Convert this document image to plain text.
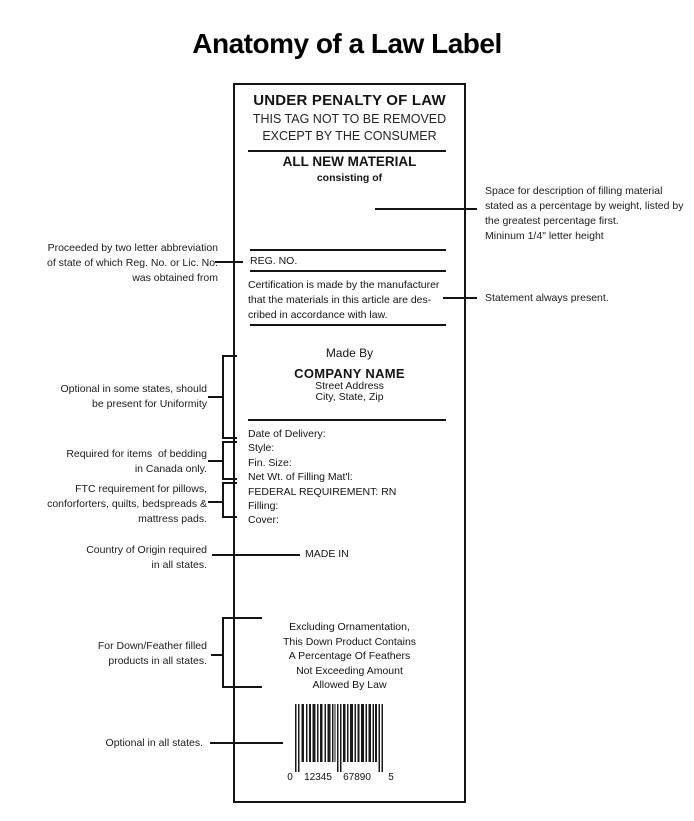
Anatomy of a Law Label
UNDER PENALTY OF LAW
THIS TAG NOT TO BE REMOVED
EXCEPT BY THE CONSUMER
ALL NEW MATERIAL
consisting of
REG. NO.
Certification is made by the manufacturer
that the materials in this article are des-
cribed in accordance with law.
Made By
COMPANY NAME
Street Address
City, State, Zip
Date of Delivery:
Style:
Fin. Size:
Net Wt. of Filling Mat'l:
FEDERAL REQUIREMENT: RN
Filling:
Cover:
MADE IN
Excluding Ornamentation,
This Down Product Contains
A Percentage Of Feathers
Not Exceeding Amount
Allowed By Law
0 12345 67890 5
Proceeded by two letter abbreviation
of state of which Reg. No. or Lic. No.
was obtained from
Optional in some states, should
be present for Uniformity
Required for items  of bedding
in Canada only.
FTC requirement for pillows,
conforforters, quilts, bedspreads &
mattress pads.
Country of Origin required
in all states.
For Down/Feather filled
products in all states.
Optional in all states.
Space for description of filling material
stated as a percentage by weight, listed by
the greatest percentage first.
Mininum 1/4" letter height
Statement always present.
